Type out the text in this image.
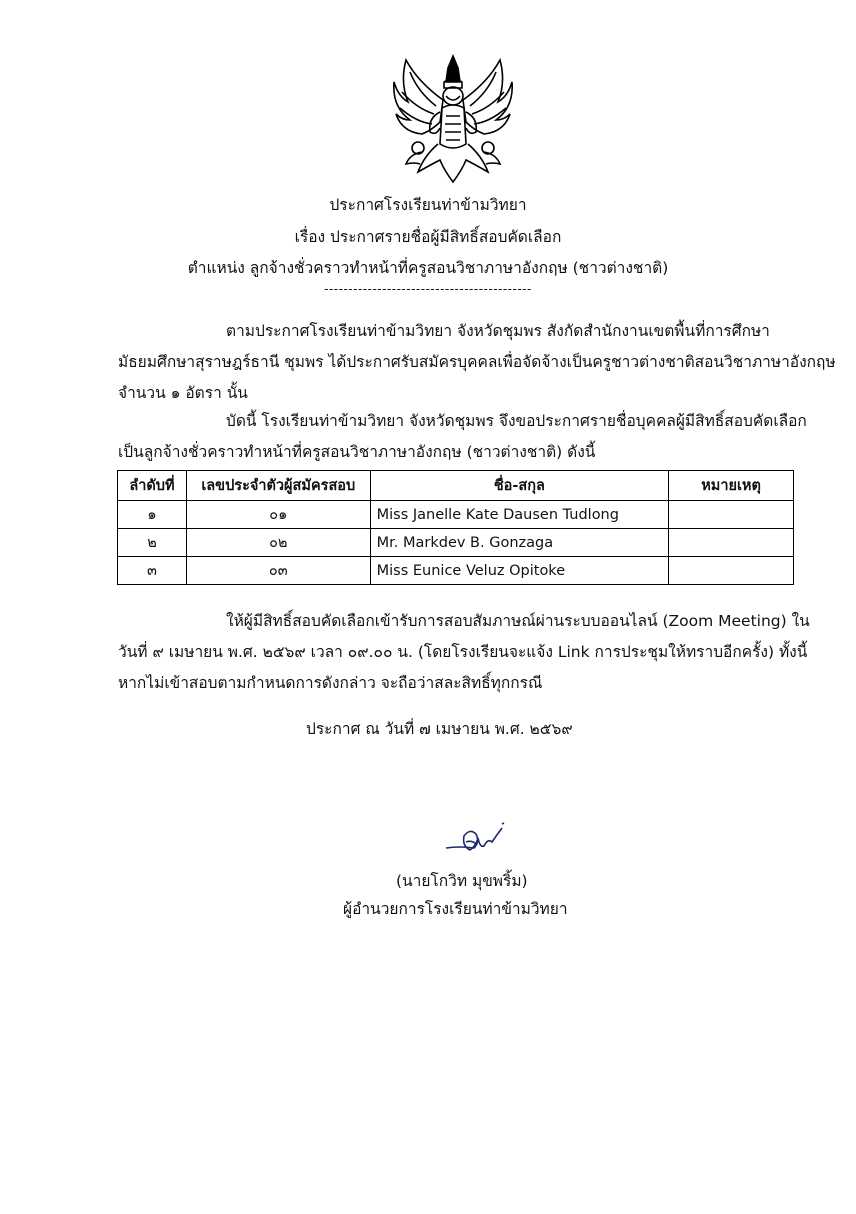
ประกาศโรงเรียนท่าข้ามวิทยา
เรื่อง ประกาศรายชื่อผู้มีสิทธิ์สอบคัดเลือก
ตำแหน่ง ลูกจ้างชั่วคราวทำหน้าที่ครูสอนวิชาภาษาอังกฤษ (ชาวต่างชาติ)
-------------------------------------------
ตามประกาศโรงเรียนท่าข้ามวิทยา จังหวัดชุมพร สังกัดสำนักงานเขตพื้นที่การศึกษา
มัธยมศึกษาสุราษฎร์ธานี ชุมพร ได้ประกาศรับสมัครบุคคลเพื่อจัดจ้างเป็นครูชาวต่างชาติสอนวิชาภาษาอังกฤษ
จำนวน ๑ อัตรา นั้น
บัดนี้ โรงเรียนท่าข้ามวิทยา จังหวัดชุมพร จึงขอประกาศรายชื่อบุคคลผู้มีสิทธิ์สอบคัดเลือก
เป็นลูกจ้างชั่วคราวทำหน้าที่ครูสอนวิชาภาษาอังกฤษ (ชาวต่างชาติ) ดังนี้
ลำดับที่	เลขประจำตัวผู้สมัครสอบ	ชื่อ-สกุล	หมายเหตุ
๑	๐๑	Miss Janelle Kate Dausen Tudlong	
๒	๐๒	Mr. Markdev B. Gonzaga	
๓	๐๓	Miss Eunice Veluz Opitoke	
ให้ผู้มีสิทธิ์สอบคัดเลือกเข้ารับการสอบสัมภาษณ์ผ่านระบบออนไลน์ (Zoom Meeting) ใน
วันที่ ๙ เมษายน พ.ศ. ๒๕๖๙ เวลา ๐๙.๐๐ น. (โดยโรงเรียนจะแจ้ง Link การประชุมให้ทราบอีกครั้ง) ทั้งนี้
หากไม่เข้าสอบตามกำหนดการดังกล่าว จะถือว่าสละสิทธิ์ทุกกรณี
ประกาศ ณ วันที่ ๗ เมษายน พ.ศ. ๒๕๖๙
(นายโกวิท มุขพริ้ม)
ผู้อำนวยการโรงเรียนท่าข้ามวิทยา
